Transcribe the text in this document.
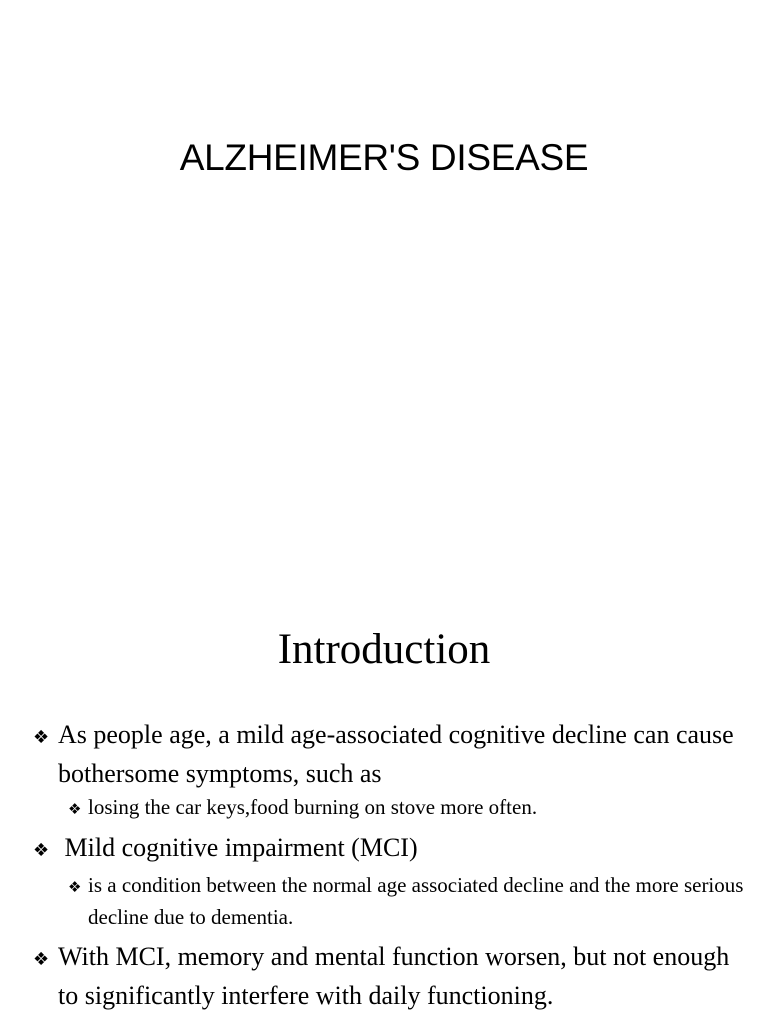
ALZHEIMER'S DISEASE
Introduction

❖ As people age, a mild age-associated cognitive decline can cause bothersome symptoms, such as

❖ losing the car keys,food burning on stove more often.

❖ Mild cognitive impairment (MCI)

❖ is a condition between the normal age associated decline and the more serious decline due to dementia.

❖ With MCI, memory and mental function worsen, but not enough to significantly interfere with daily functioning.
